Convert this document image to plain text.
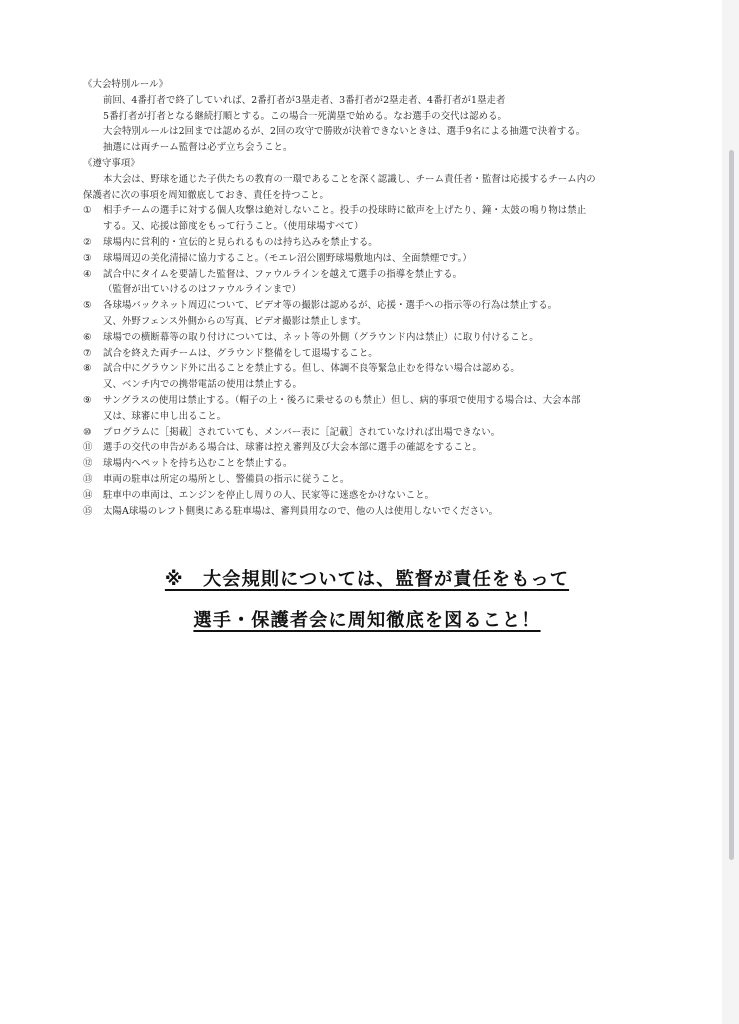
《大会特別ルール》
前回、4番打者で終了していれば、2番打者が3塁走者、3番打者が2塁走者、4番打者が1塁走者
5番打者が打者となる継続打順とする。この場合一死満塁で始める。なお選手の交代は認める。
大会特別ルールは2回までは認めるが、2回の攻守で勝敗が決着できないときは、選手9名による抽選で決着する。
抽選には両チーム監督は必ず立ち会うこと。
《遵守事項》
本大会は、野球を通じた子供たちの教育の一環であることを深く認識し、チーム責任者・監督は応援するチーム内の
保護者に次の事項を周知徹底しておき、責任を持つこと。
①	相手チームの選手に対する個人攻撃は絶対しないこと。投手の投球時に歓声を上げたり、鐘・太鼓の鳴り物は禁止
する。又、応援は節度をもって行うこと。（使用球場すべて）
②	球場内に営利的・宣伝的と見られるものは持ち込みを禁止する。
③	球場周辺の美化清掃に協力すること。（モエレ沼公園野球場敷地内は、全面禁煙です。）
④	試合中にタイムを要請した監督は、ファウルラインを越えて選手の指導を禁止する。
（監督が出ていけるのはファウルラインまで）
⑤	各球場バックネット周辺について、ビデオ等の撮影は認めるが、応援・選手への指示等の行為は禁止する。
又、外野フェンス外側からの写真、ビデオ撮影は禁止します。
⑥	球場での横断幕等の取り付けについては、ネット等の外側（グラウンド内は禁止）に取り付けること。
⑦	試合を終えた両チームは、グラウンド整備をして退場すること。
⑧	試合中にグラウンド外に出ることを禁止する。但し、体調不良等緊急止むを得ない場合は認める。
又、ベンチ内での携帯電話の使用は禁止する。
⑨	サングラスの使用は禁止する。（帽子の上・後ろに乗せるのも禁止）但し、病的事項で使用する場合は、大会本部
又は、球審に申し出ること。
⑩	プログラムに［掲載］されていても、メンバー表に［記載］されていなければ出場できない。
⑪	選手の交代の申告がある場合は、球審は控え審判及び大会本部に選手の確認をすること。
⑫	球場内へペットを持ち込むことを禁止する。
⑬	車両の駐車は所定の場所とし、警備員の指示に従うこと。
⑭	駐車中の車両は、エンジンを停止し周りの人、民家等に迷惑をかけないこと。
⑮	太陽A球場のレフト側奥にある駐車場は、審判員用なので、他の人は使用しないでください。
※　大会規則については、監督が責任をもって
選手・保護者会に周知徹底を図ること！
